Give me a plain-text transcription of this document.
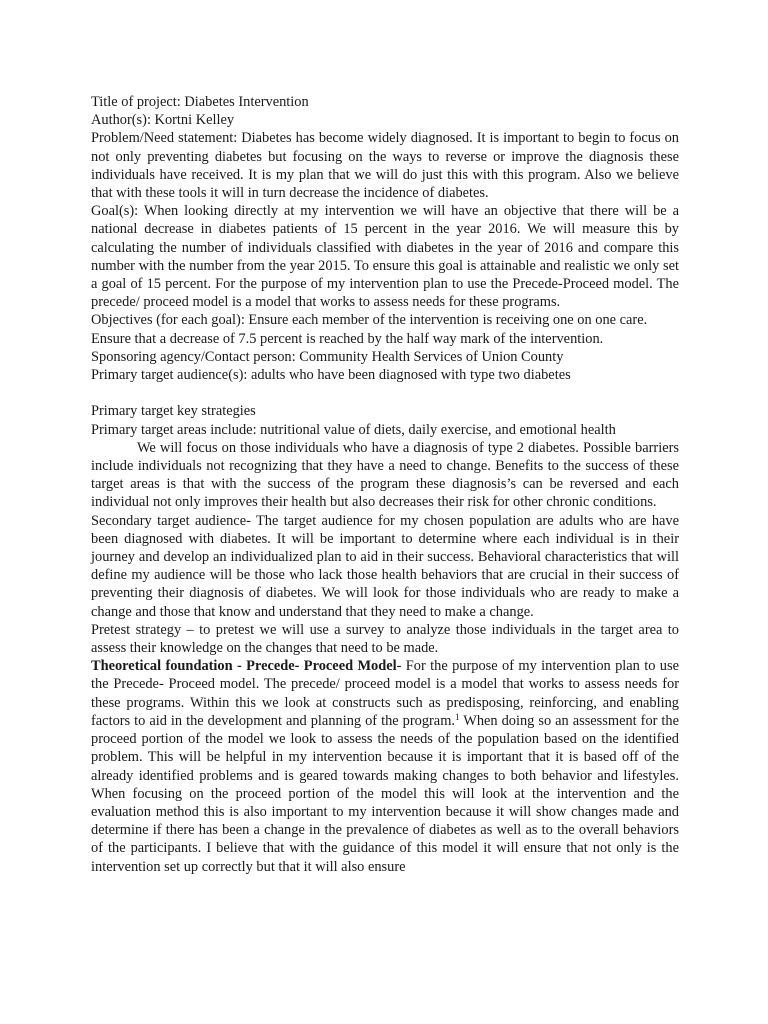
Title of project: Diabetes Intervention

Author(s): Kortni Kelley

Problem/Need statement: Diabetes has become widely diagnosed. It is important to begin to focus on not only preventing diabetes but focusing on the ways to reverse or improve the diagnosis these individuals have received. It is my plan that we will do just this with this program. Also we believe that with these tools it will in turn decrease the incidence of diabetes.

Goal(s): When looking directly at my intervention we will have an objective that there will be a national decrease in diabetes patients of 15 percent in the year 2016. We will measure this by calculating the number of individuals classified with diabetes in the year of 2016 and compare this number with the number from the year 2015. To ensure this goal is attainable and realistic we only set a goal of 15 percent. For the purpose of my intervention plan to use the Precede-Proceed model. The precede/ proceed model is a model that works to assess needs for these programs.

Objectives (for each goal): Ensure each member of the intervention is receiving one on one care.

Ensure that a decrease of 7.5 percent is reached by the half way mark of the intervention.

Sponsoring agency/Contact person: Community Health Services of Union County

Primary target audience(s): adults who have been diagnosed with type two diabetes

Primary target key strategies

Primary target areas include: nutritional value of diets, daily exercise, and emotional health

We will focus on those individuals who have a diagnosis of type 2 diabetes. Possible barriers include individuals not recognizing that they have a need to change. Benefits to the success of these target areas is that with the success of the program these diagnosis’s can be reversed and each individual not only improves their health but also decreases their risk for other chronic conditions.

Secondary target audience- The target audience for my chosen population are adults who are have been diagnosed with diabetes. It will be important to determine where each individual is in their journey and develop an individualized plan to aid in their success. Behavioral characteristics that will define my audience will be those who lack those health behaviors that are crucial in their success of preventing their diagnosis of diabetes. We will look for those individuals who are ready to make a change and those that know and understand that they need to make a change.

Pretest strategy – to pretest we will use a survey to analyze those individuals in the target area to assess their knowledge on the changes that need to be made.

Theoretical foundation - Precede- Proceed Model- For the purpose of my intervention plan to use the Precede- Proceed model. The precede/ proceed model is a model that works to assess needs for these programs. Within this we look at constructs such as predisposing, reinforcing, and enabling factors to aid in the development and planning of the program.$^1$ When doing so an assessment for the proceed portion of the model we look to assess the needs of the population based on the identified problem. This will be helpful in my intervention because it is important that it is based off of the already identified problems and is geared towards making changes to both behavior and lifestyles. When focusing on the proceed portion of the model this will look at the intervention and the evaluation method this is also important to my intervention because it will show changes made and determine if there has been a change in the prevalence of diabetes as well as to the overall behaviors of the participants. I believe that with the guidance of this model it will ensure that not only is the intervention set up correctly but that it will also ensure
